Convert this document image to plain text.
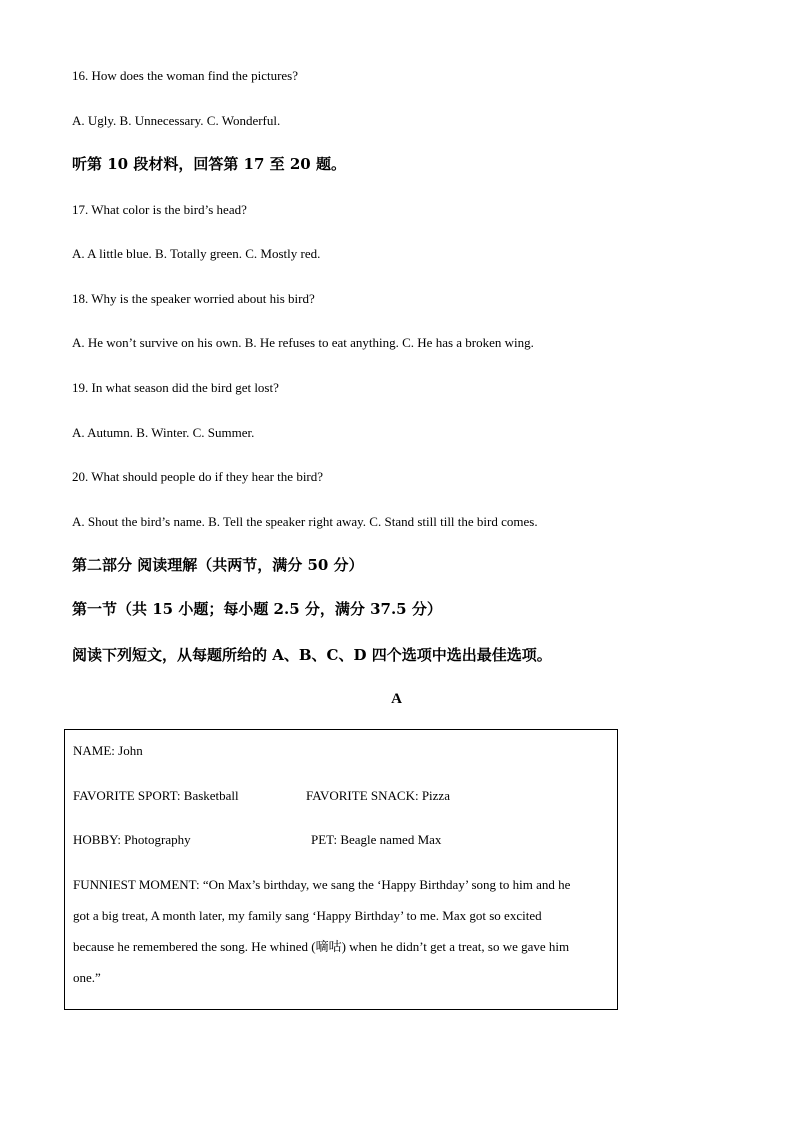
16. How does the woman find the pictures?
A. Ugly. B. Unnecessary. C. Wonderful.
听第 10 段材料，回答第 17 至 20 题。
17. What color is the bird’s head?
A. A little blue. B. Totally green. C. Mostly red.
18. Why is the speaker worried about his bird?
A. He won’t survive on his own. B. He refuses to eat anything. C. He has a broken wing.
19. In what season did the bird get lost?
A. Autumn. B. Winter. C. Summer.
20. What should people do if they hear the bird?
A. Shout the bird’s name. B. Tell the speaker right away. C. Stand still till the bird comes.
第二部分 阅读理解（共两节，满分 50 分）
第一节（共 15 小题；每小题 2.5 分，满分 37.5 分）
阅读下列短文，从每题所给的 A、B、C、D 四个选项中选出最佳选项。
A
NAME: John
FAVORITE SPORT: Basketball	FAVORITE SNACK: Pizza
HOBBY: Photography	PET: Beagle named Max
FUNNIEST MOMENT: “On Max’s birthday, we sang the ‘Happy Birthday’ song to him and he
got a big treat, A month later, my family sang ‘Happy Birthday’ to me. Max got so excited
because he remembered the song. He whined (嘀咕) when he didn’t get a treat, so we gave him
one.”
